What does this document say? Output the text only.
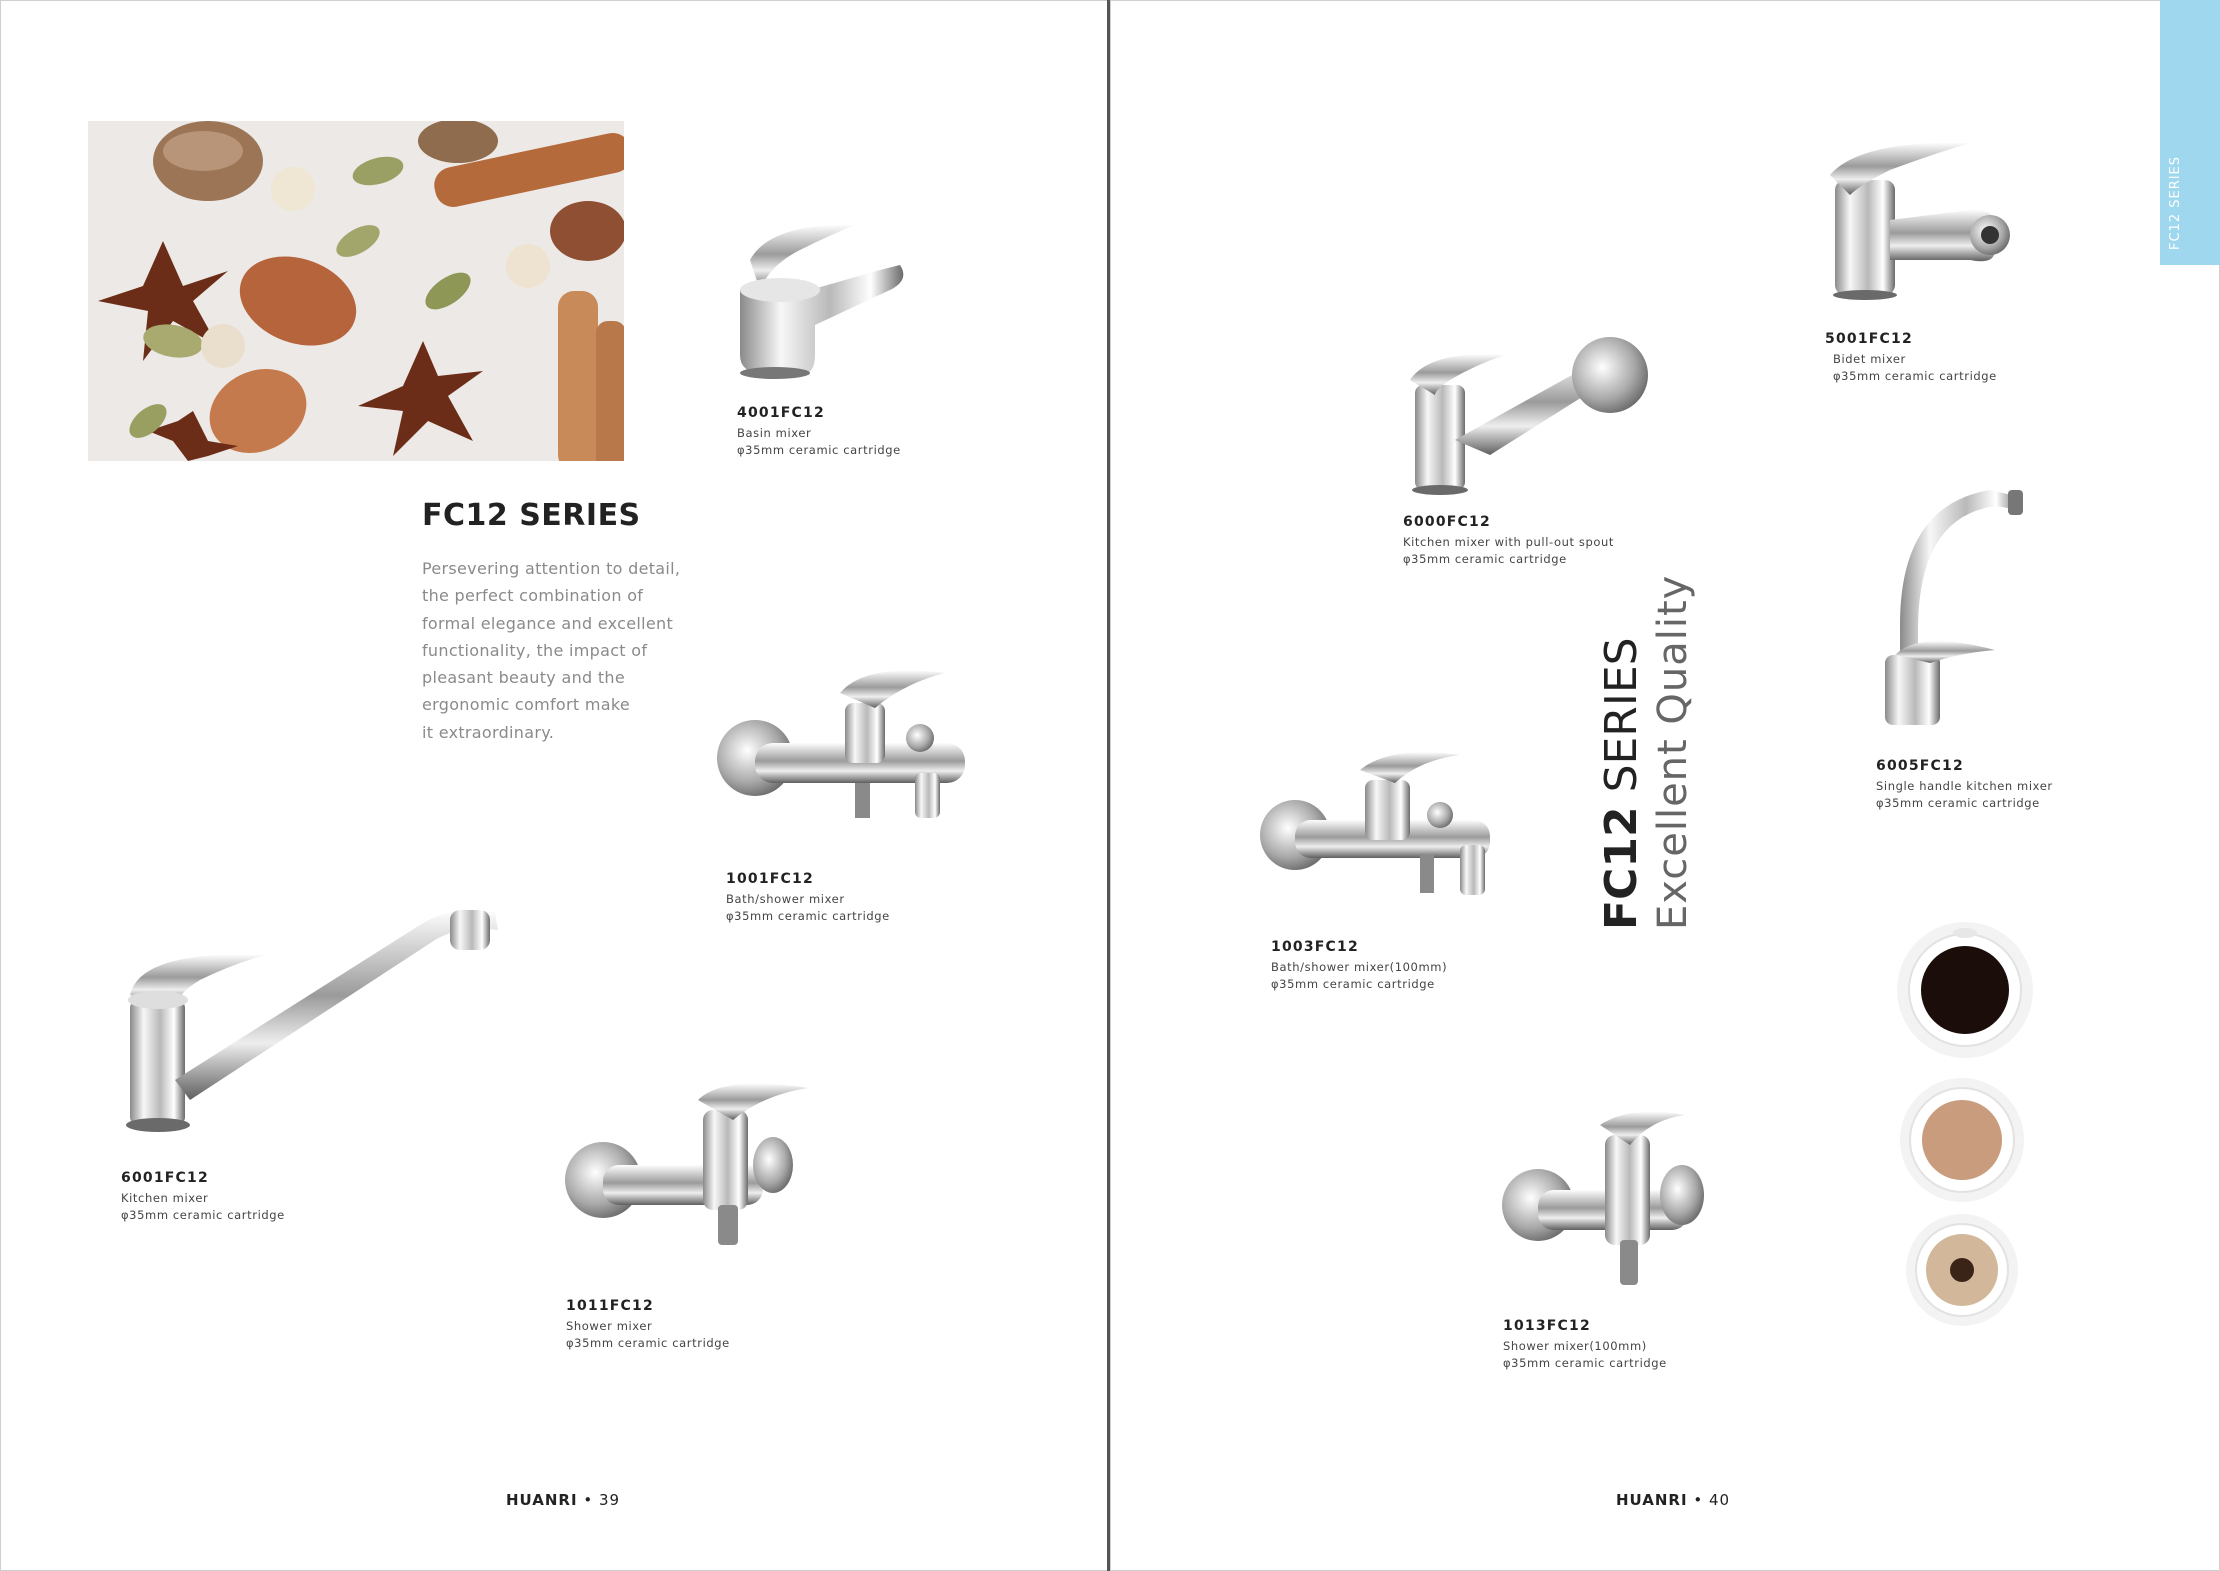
FC12 SERIES
Persevering attention to detail,
the perfect combination of
formal elegance and excellent
functionality, the impact of
pleasant beauty and the
ergonomic comfort make
it extraordinary.
4001FC12
Basin mixer
φ35mm ceramic cartridge
1001FC12
Bath/shower mixer
φ35mm ceramic cartridge
6001FC12
Kitchen mixer
φ35mm ceramic cartridge
1011FC12
Shower mixer
φ35mm ceramic cartridge
HUANRI • 39
FC12 SERIES
5001FC12
Bidet mixer
φ35mm ceramic cartridge
6000FC12
Kitchen mixer with pull-out spout
φ35mm ceramic cartridge
6005FC12
Single handle kitchen mixer
φ35mm ceramic cartridge
1003FC12
Bath/shower mixer(100mm)
φ35mm ceramic cartridge
1013FC12
Shower mixer(100mm)
φ35mm ceramic cartridge
FC12 SERIES Excellent Quality
HUANRI • 40
